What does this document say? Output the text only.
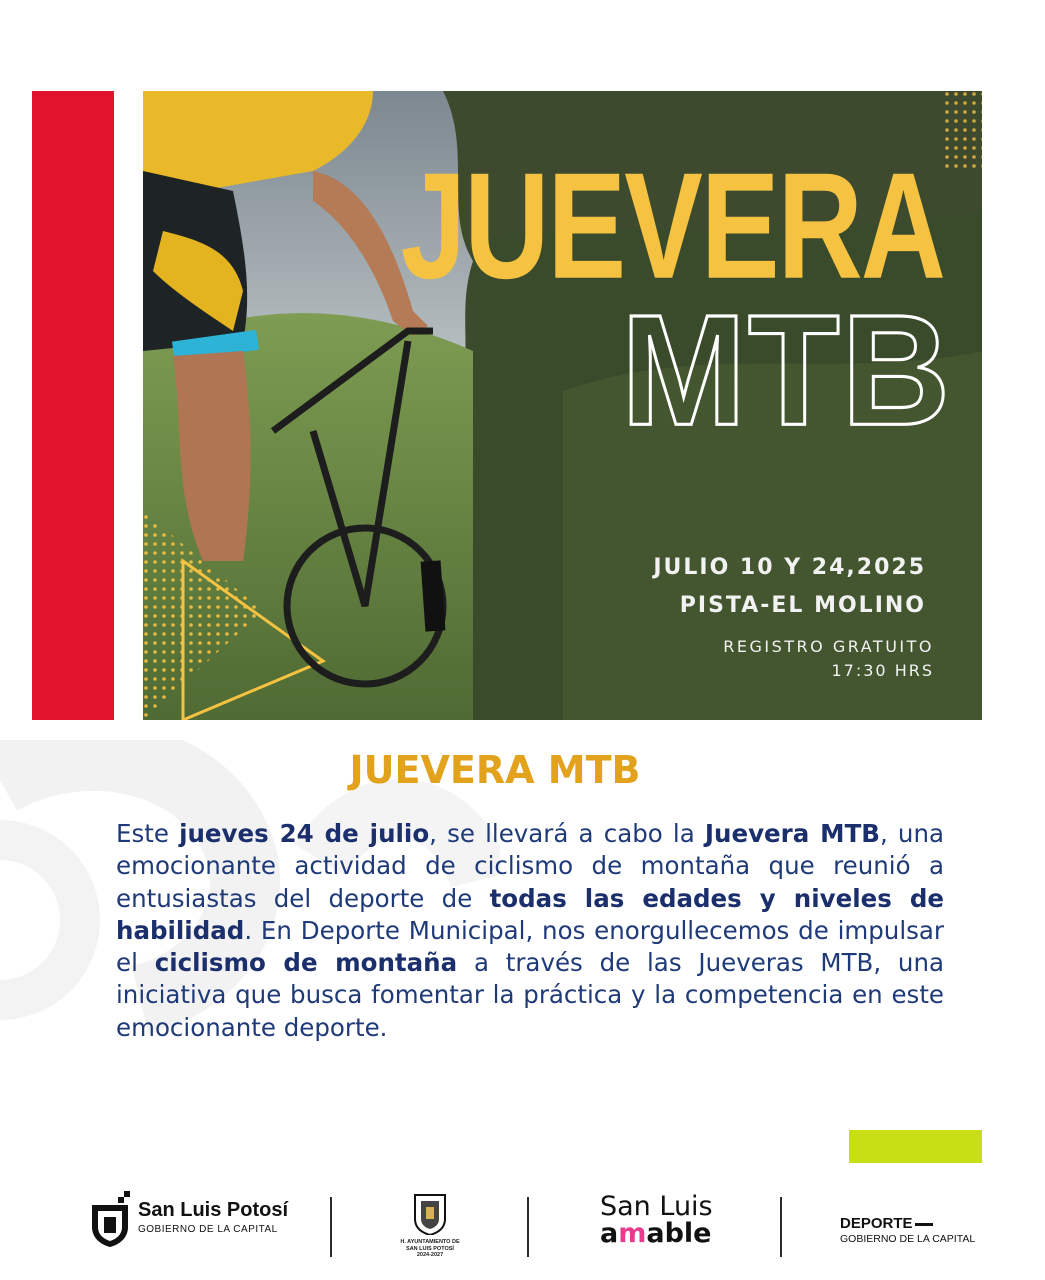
JUEVERA
MTB
JULIO 10 Y 24,2025
PISTA-EL MOLINO
REGISTRO GRATUITO
17:30 HRS
JUEVERA MTB
Este jueves 24 de julio, se llevará a cabo la Juevera MTB, una emocionante actividad de ciclismo de montaña que reunió a entusiastas del deporte de todas las edades y niveles de habilidad. En Deporte Municipal, nos enorgullecemos de impulsar el ciclismo de montaña a través de las Jueveras MTB, una iniciativa que busca fomentar la práctica y la competencia en este emocionante deporte.
San Luis Potosí
GOBIERNO DE LA CAPITAL
H. AYUNTAMIENTO DE
SAN LUIS POTOSÍ
2024-2027
San Luis
amable	DEPORTE
GOBIERNO DE LA CAPITAL
